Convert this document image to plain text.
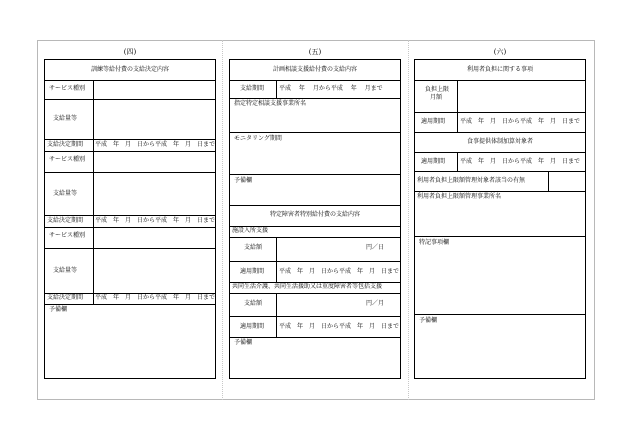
(四)	(五)	(六)
訓練等給付費の支給決定内容
サービス種別
支給量等
支給決定期間 平成　年　月　日から平成　年　月　日まで
サービス種別
支給量等
支給決定期間 平成　年　月　日から平成　年　月　日まで
サービス種別
支給量等
支給決定期間 平成　年　月　日から平成　年　月　日まで
予備欄
計画相談支援給付費の支給内容
支給期間 平成　 年　 月から平成　 年　 月まで
指定特定相談支援事業所名
モニタリング期間
予備欄
特定障害者特別給付費の支給内容
施設入所支援
支給額	円／日
適用期間 平成　年　月　日から平成　年　月　日まで
共同生活介護、共同生活援助又は重度障害者等包括支援
支給額	円／月
適用期間 平成　年　月　日から平成　年　月　日まで
予備欄
利用者負担に関する事項
負担上限
月額
適用期間 平成　年　月　日から平成　年　月　日まで
食事提供体制加算対象者
適用期間 平成　年　月　日から平成　年　月　日まで
利用者負担上限額管理対象者該当の有無
利用者負担上限額管理事業所名
特記事項欄
予備欄
